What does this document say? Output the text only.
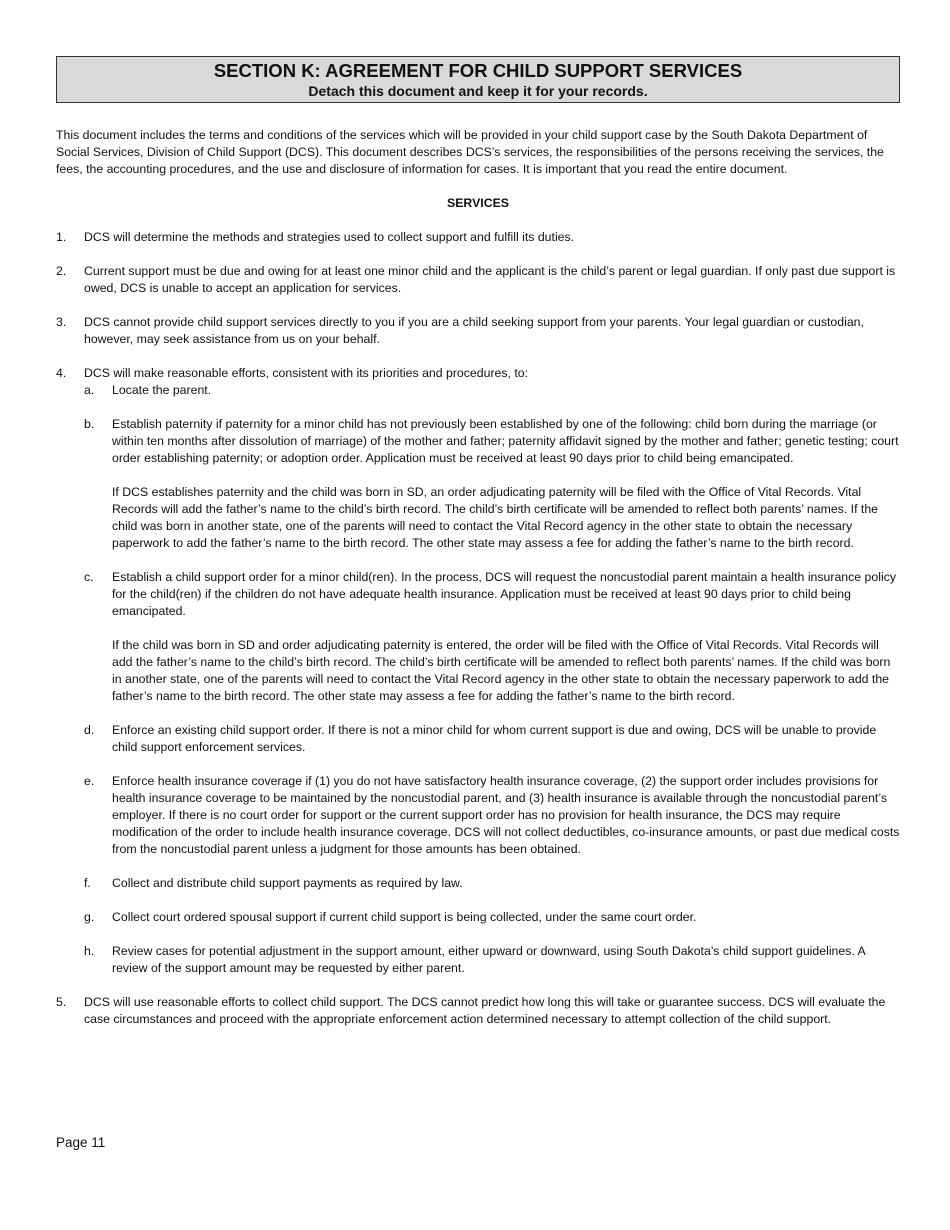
SECTION K: AGREEMENT FOR CHILD SUPPORT SERVICES
Detach this document and keep it for your records.

This document includes the terms and conditions of the services which will be provided in your child support case by the South Dakota Department of Social Services, Division of Child Support (DCS). This document describes DCS’s services, the responsibilities of the persons receiving the services, the fees, the accounting procedures, and the use and disclosure of information for cases. It is important that you read the entire document.

SERVICES

1.	DCS will determine the methods and strategies used to collect support and fulfill its duties.
2.	Current support must be due and owing for at least one minor child and the applicant is the child’s parent or legal guardian. If only past due support is owed, DCS is unable to accept an application for services.
3.	DCS cannot provide child support services directly to you if you are a child seeking support from your parents. Your legal guardian or custodian, however, may seek assistance from us on your behalf.
4.	DCS will make reasonable efforts, consistent with its priorities and procedures, to:

a.	Locate the parent.
b.	Establish paternity if paternity for a minor child has not previously been established by one of the following: child born during the marriage (or within ten months after dissolution of marriage) of the mother and father; paternity affidavit signed by the mother and father; genetic testing; court order establishing paternity; or adoption order. Application must be received at least 90 days prior to child being emancipated.

If DCS establishes paternity and the child was born in SD, an order adjudicating paternity will be filed with the Office of Vital Records. Vital Records will add the father’s name to the child’s birth record. The child’s birth certificate will be amended to reflect both parents’ names. If the child was born in another state, one of the parents will need to contact the Vital Record agency in the other state to obtain the necessary paperwork to add the father’s name to the birth record. The other state may assess a fee for adding the father’s name to the birth record.

c.	Establish a child support order for a minor child(ren). In the process, DCS will request the noncustodial parent maintain a health insurance policy for the child(ren) if the children do not have adequate health insurance. Application must be received at least 90 days prior to child being emancipated.

If the child was born in SD and order adjudicating paternity is entered, the order will be filed with the Office of Vital Records. Vital Records will add the father’s name to the child’s birth record. The child’s birth certificate will be amended to reflect both parents’ names. If the child was born in another state, one of the parents will need to contact the Vital Record agency in the other state to obtain the necessary paperwork to add the father’s name to the birth record. The other state may assess a fee for adding the father’s name to the birth record.

d.	Enforce an existing child support order. If there is not a minor child for whom current support is due and owing, DCS will be unable to provide child support enforcement services.
e.	Enforce health insurance coverage if (1) you do not have satisfactory health insurance coverage, (2) the support order includes provisions for health insurance coverage to be maintained by the noncustodial parent, and (3) health insurance is available through the noncustodial parent’s employer. If there is no court order for support or the current support order has no provision for health insurance, the DCS may require modification of the order to include health insurance coverage. DCS will not collect deductibles, co-insurance amounts, or past due medical costs from the noncustodial parent unless a judgment for those amounts has been obtained.
f.	Collect and distribute child support payments as required by law.
g.	Collect court ordered spousal support if current child support is being collected, under the same court order.
h.	Review cases for potential adjustment in the support amount, either upward or downward, using South Dakota’s child support guidelines. A review of the support amount may be requested by either parent.
5.	DCS will use reasonable efforts to collect child support. The DCS cannot predict how long this will take or guarantee success. DCS will evaluate the case circumstances and proceed with the appropriate enforcement action determined necessary to attempt collection of the child support.
Page 11
